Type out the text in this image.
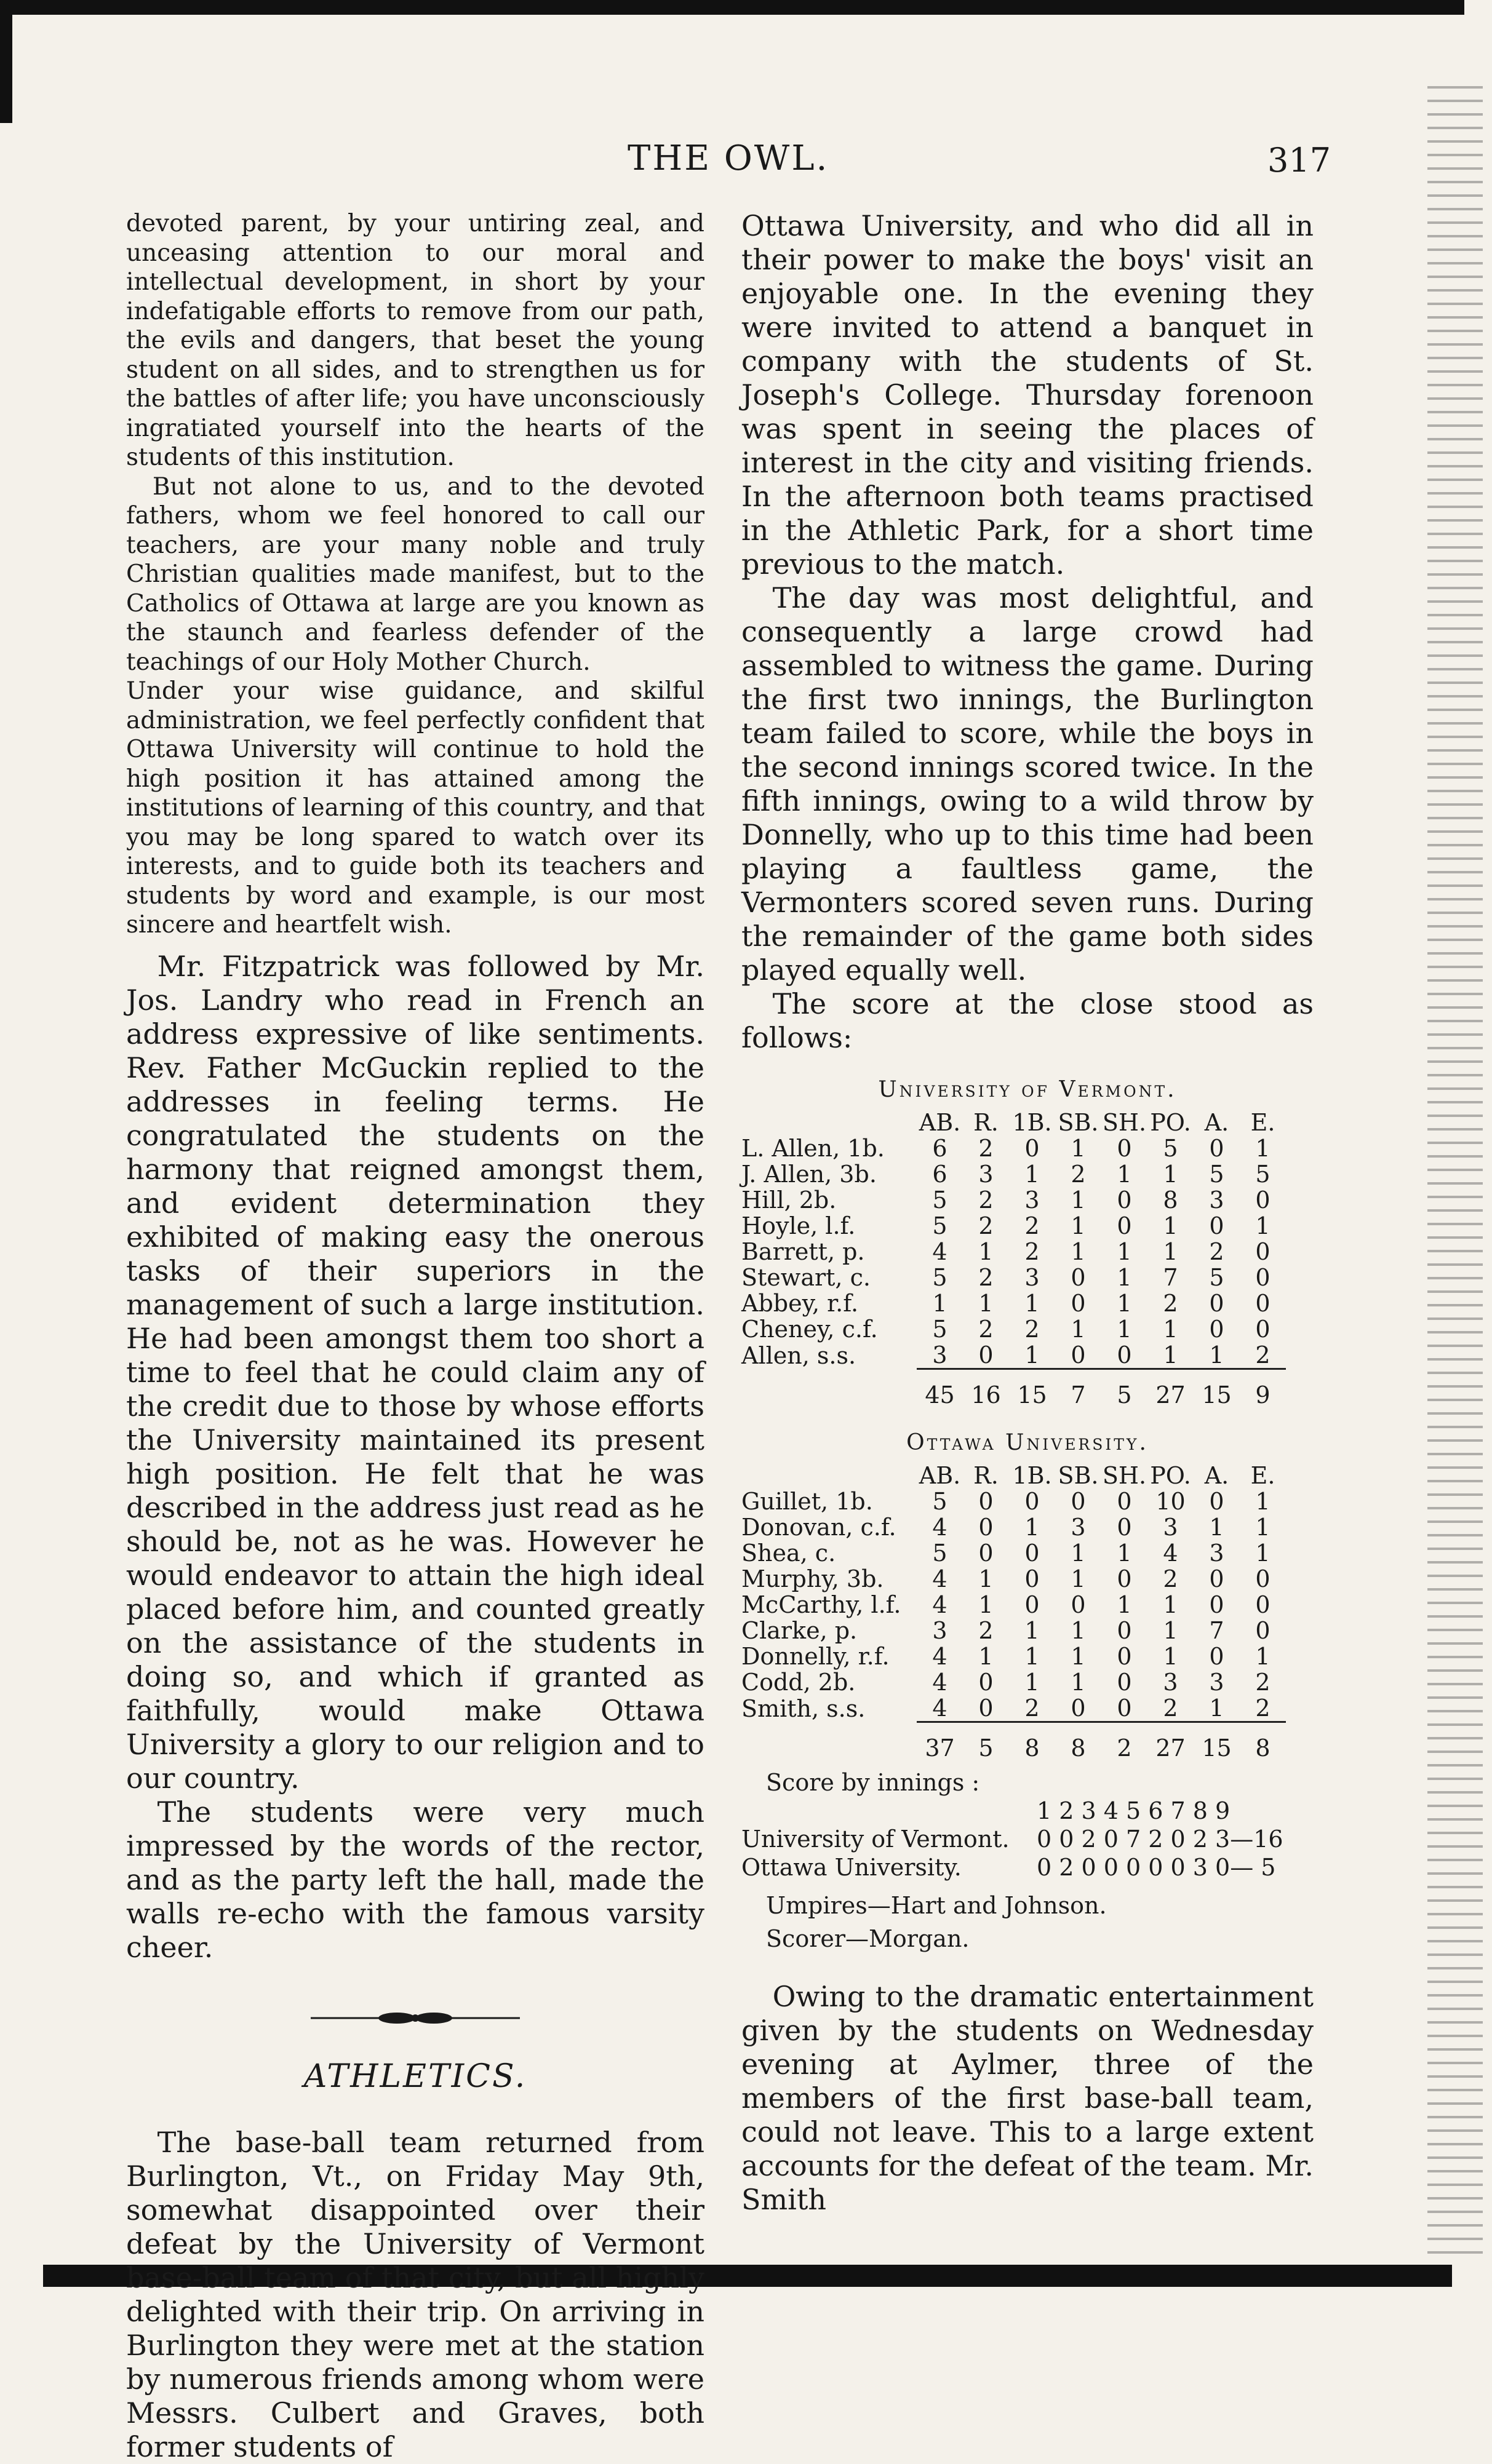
THE OWL.	317

devoted parent, by your untiring zeal, and unceasing attention to our moral and intellectual development, in short by your indefatigable efforts to remove from our path, the evils and dangers, that beset the young student on all sides, and to strengthen us for the battles of after life; you have unconsciously ingratiated yourself into the hearts of the students of this institution.

But not alone to us, and to the devoted fathers, whom we feel honored to call our teachers, are your many noble and truly Christian qualities made manifest, but to the Catholics of Ottawa at large are you known as the staunch and fearless defender of the teachings of our Holy Mother Church.

Under your wise guidance, and skilful administration, we feel perfectly confident that Ottawa University will continue to hold the high position it has attained among the institutions of learning of this country, and that you may be long spared to watch over its interests, and to guide both its teachers and students by word and example, is our most sincere and heartfelt wish.

Mr. Fitzpatrick was followed by Mr. Jos. Landry who read in French an address expressive of like sentiments. Rev. Father McGuckin replied to the addresses in feeling terms. He congratulated the students on the harmony that reigned amongst them, and evident determination they exhibited of making easy the onerous tasks of their superiors in the management of such a large institution. He had been amongst them too short a time to feel that he could claim any of the credit due to those by whose efforts the University maintained its present high position. He felt that he was described in the address just read as he should be, not as he was. However he would endeavor to attain the high ideal placed before him, and counted greatly on the assistance of the students in doing so, and which if granted as faithfully, would make Ottawa University a glory to our religion and to our country.

The students were very much impressed by the words of the rector, and as the party left the hall, made the walls re-echo with the famous varsity cheer.

ATHLETICS.

The base-ball team returned from Burlington, Vt., on Friday May 9th, somewhat disappointed over their defeat by the University of Vermont base-ball team of that city, but all highly delighted with their trip. On arriving in Burlington they were met at the station by numerous friends among whom were Messrs. Culbert and Graves, both former students of

Ottawa University, and who did all in their power to make the boys' visit an enjoyable one. In the evening they were invited to attend a banquet in company with the students of St. Joseph's College. Thursday forenoon was spent in seeing the places of interest in the city and visiting friends. In the afternoon both teams practised in the Athletic Park, for a short time previous to the match.

The day was most delightful, and consequently a large crowd had assembled to witness the game. During the first two innings, the Burlington team failed to score, while the boys in the second innings scored twice. In the fifth innings, owing to a wild throw by Donnelly, who up to this time had been playing a faultless game, the Vermonters scored seven runs. During the remainder of the game both sides played equally well.

The score at the close stood as follows:

University of Vermont.
	AB.	R.	1B.	SB.	SH.	PO.	A.	E.
L. Allen, 1b.	6	2	0	1	0	5	0	1
J. Allen, 3b.	6	3	1	2	1	1	5	5
Hill, 2b.	5	2	3	1	0	8	3	0
Hoyle, l.f.	5	2	2	1	0	1	0	1
Barrett, p.	4	1	2	1	1	1	2	0
Stewart, c.	5	2	3	0	1	7	5	0
Abbey, r.f.	1	1	1	0	1	2	0	0
Cheney, c.f.	5	2	2	1	1	1	0	0
Allen, s.s.	3	0	1	0	0	1	1	2
	45	16	15	7	5	27	15	9
Ottawa University.
	AB.	R.	1B.	SB.	SH.	PO.	A.	E.
Guillet, 1b.	5	0	0	0	0	10	0	1
Donovan, c.f.	4	0	1	3	0	3	1	1
Shea, c.	5	0	0	1	1	4	3	1
Murphy, 3b.	4	1	0	1	0	2	0	0
McCarthy, l.f.	4	1	0	0	1	1	0	0
Clarke, p.	3	2	1	1	0	1	7	0
Donnelly, r.f.	4	1	1	1	0	1	0	1
Codd, 2b.	4	0	1	1	0	3	3	2
Smith, s.s.	4	0	2	0	0	2	1	2
	37	5	8	8	2	27	15	8
Score by innings :
1 2 3 4 5 6 7 8 9
University of Vermont.	0 0 2 0 7 2 0 2 3—16
Ottawa University.	0 2 0 0 0 0 0 3 0— 5
Umpires—Hart and Johnson.
Scorer—Morgan.

Owing to the dramatic entertainment given by the students on Wednesday evening at Aylmer, three of the members of the first base-ball team, could not leave. This to a large extent accounts for the defeat of the team. Mr. Smith
